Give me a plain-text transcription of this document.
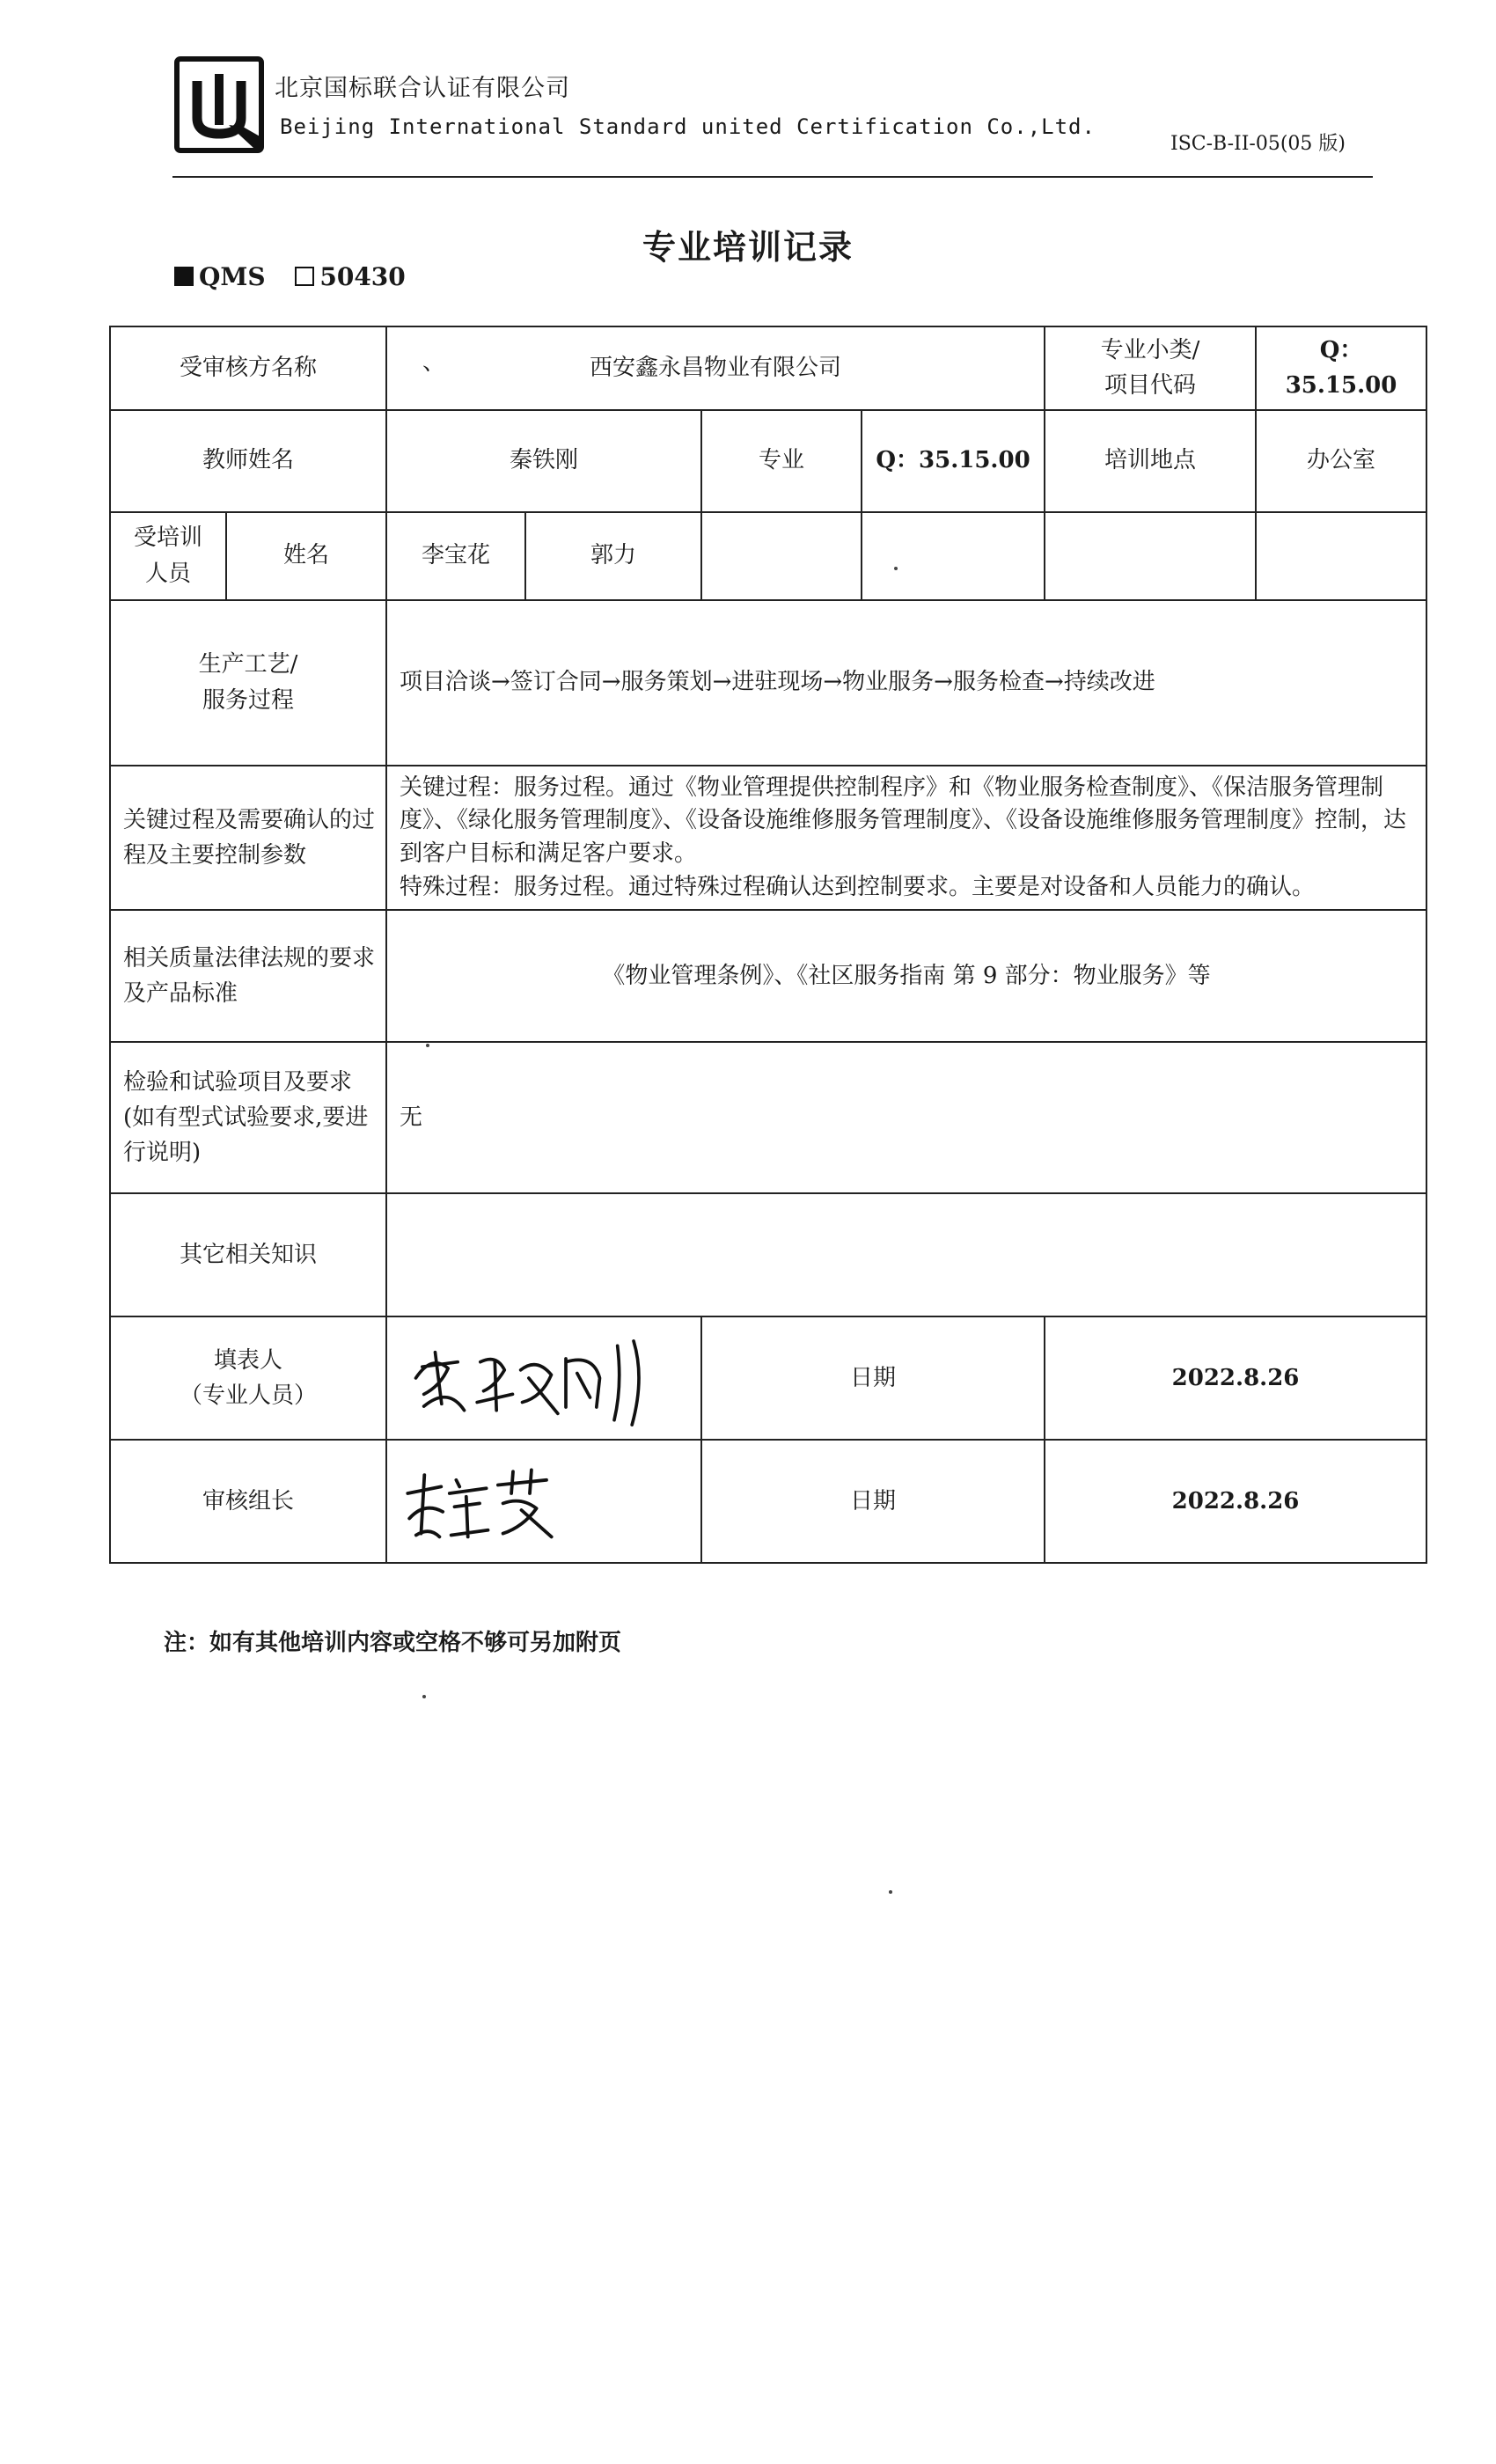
北京国标联合认证有限公司
Beijing International Standard united Certification Co.,Ltd.
ISC-B-II-05(05 版)
专业培训记录
QMS 50430
受审核方名称		、 西安鑫永昌物业有限公司				专业小类/
项目代码	Q：35.15.00
教师姓名		秦铁刚		专业	Q：35.15.00	培训地点	办公室
受培训
人员	姓名	李宝花	郭力				
生产工艺/
服务过程		项目洽谈→签订合同→服务策划→进驻现场→物业服务→服务检查→持续改进					
关键过程及需要确认的过程及主要控制参数		关键过程：服务过程。通过《物业管理提供控制程序》和《物业服务检查制度》、《保洁服务管理制度》、《绿化服务管理制度》、《设备设施维修服务管理制度》、《设备设施维修服务管理制度》控制，达到客户目标和满足客户要求。
特殊过程：服务过程。通过特殊过程确认达到控制要求。主要是对设备和人员能力的确认。					

相关质量法律法规的要求及产品标准		《物业管理条例》、《社区服务指南 第 9 部分：物业服务》等					
检验和试验项目及要求(如有型式试验要求,要进行说明)		无					
其它相关知识							
填表人
（专业人员）				日期		2022.8.26	
审核组长				日期		2022.8.26	
注：如有其他培训内容或空格不够可另加附页
